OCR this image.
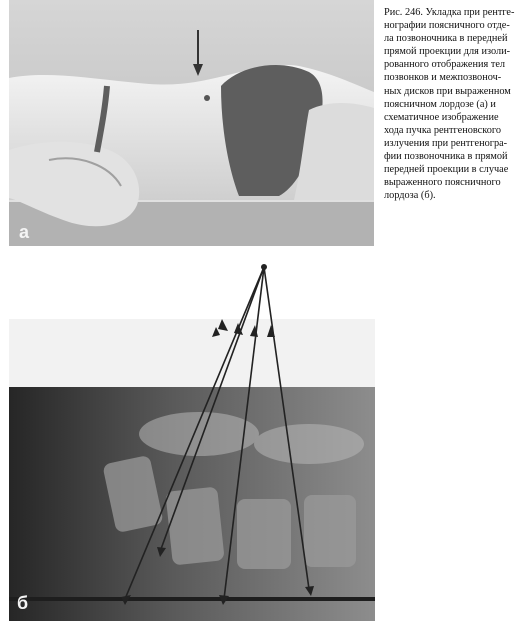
а
б
Рис. 246. Укладка при рентге-
нографии поясничного отде-
ла позвоночника в передней
прямой проекции для изоли-
рованного отображения тел
позвонков и межпозвоноч-
ных дисков при выраженном
поясничном лордозе (а) и
схематичное изображение
хода пучка рентгеновского
излучения при рентгеногра-
фии позвоночника в прямой
передней проекции в случае
выраженного поясничного
лордоза (б).
